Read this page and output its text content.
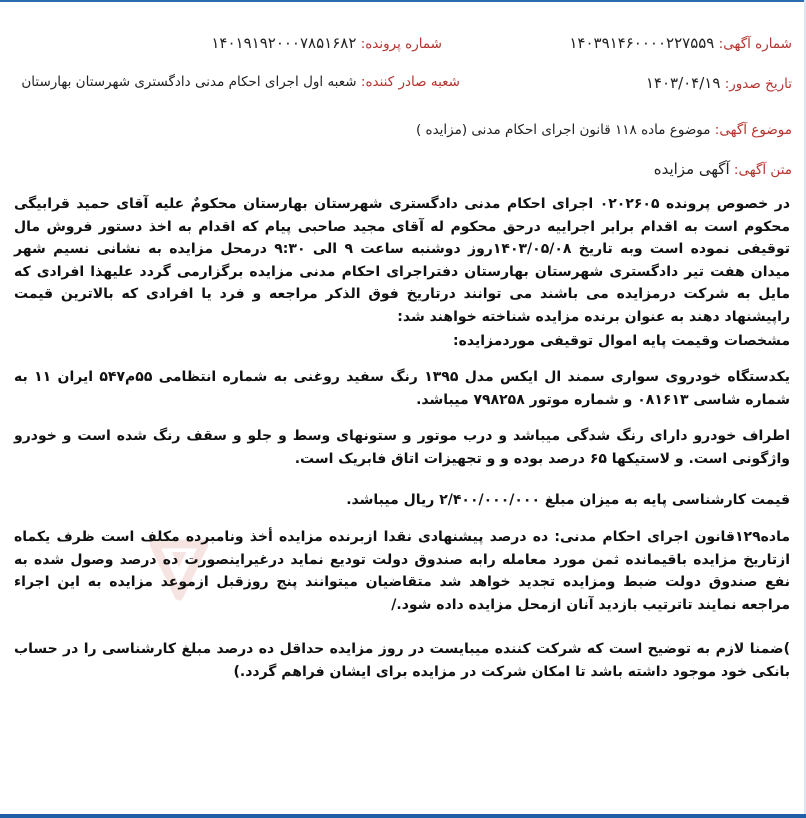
شماره آگهی: ۱۴۰۳۹۱۴۶۰۰۰۰۲۲۷۵۵۹
شماره پرونده: ۱۴۰۱۹۱۹۲۰۰۰۷۸۵۱۶۸۲
تاریخ صدور: ۱۴۰۳/۰۴/۱۹
شعبه صادر کننده: شعبه اول اجرای احکام مدنی دادگستری شهرستان بهارستان
موضوع آگهی: موضوع ماده ۱۱۸ قانون اجرای احکام مدنی (مزایده )
متن آگهی: آگهی مزایده
در خصوص پرونده ۰۲۰۲۶۰۵ اجرای احکام مدنی دادگستری شهرستان بهارستان محکومٌ علیه آقای حمید قرابیگی محکوم است به اقدام برابر اجراییه درحق محکوم له آقای مجید صاحبی پیام که اقدام به اخذ دستور فروش مال توقیفی نموده است وبه تاریخ ۱۴۰۳/۰۵/۰۸روز دوشنبه ساعت ۹ الی ۹:۳۰ درمحل مزایده به نشانی نسیم شهر میدان هفت تیر دادگستری شهرستان بهارستان دفتراجرای احکام مدنی مزایده برگزارمی گردد علیهذا افرادی که مایل به شرکت درمزایده می باشند می توانند درتاریخ فوق الذکر مراجعه و فرد یا افرادی که بالاترین قیمت راپیشنهاد دهند به عنوان برنده مزایده شناخته خواهند شد:
مشخصات وقیمت پایه اموال توقیفی موردمزایده:
یکدستگاه خودروی سواری سمند ال ایکس مدل ۱۳۹۵ رنگ سفید روغنی به شماره انتظامی ۵۵م۵۴۷ ایران ۱۱ به شماره شاسی ۰۸۱۶۱۳ و شماره موتور ۷۹۸۲۵۸ میباشد.
اطراف خودرو دارای رنگ شدگی میباشد و درب موتور و ستونهای وسط و جلو و سقف رنگ شده است و خودرو واژگونی است. و لاستیکها ۶۵ درصد بوده و و تجهیزات اتاق فابریک است.
قیمت کارشناسی پایه به میزان مبلغ ۲/۴۰۰/۰۰۰/۰۰۰ ریال میباشد.
ماده۱۲۹قانون اجرای احکام مدنی: ده درصد پیشنهادی نقدا ازبرنده مزایده أخذ ونامبرده مکلف است ظرف یکماه ازتاریخ مزایده باقیمانده ثمن مورد معامله رابه صندوق دولت تودیع نماید درغیراینصورت ده درصد وصول شده به نفع صندوق دولت ضبط ومزایده تجدید خواهد شد متقاضیان میتوانند پنج روزقبل ازموعد مزایده به این اجراء مراجعه نمایند تاترتیب بازدید آنان ازمحل مزایده داده شود./
)ضمنا لازم به توضیح است که شرکت کننده میبایست در روز مزایده حداقل ده درصد مبلغ کارشناسی را در حساب بانکی خود موجود داشته باشد تا امکان شرکت در مزایده برای ایشان فراهم گردد.)
